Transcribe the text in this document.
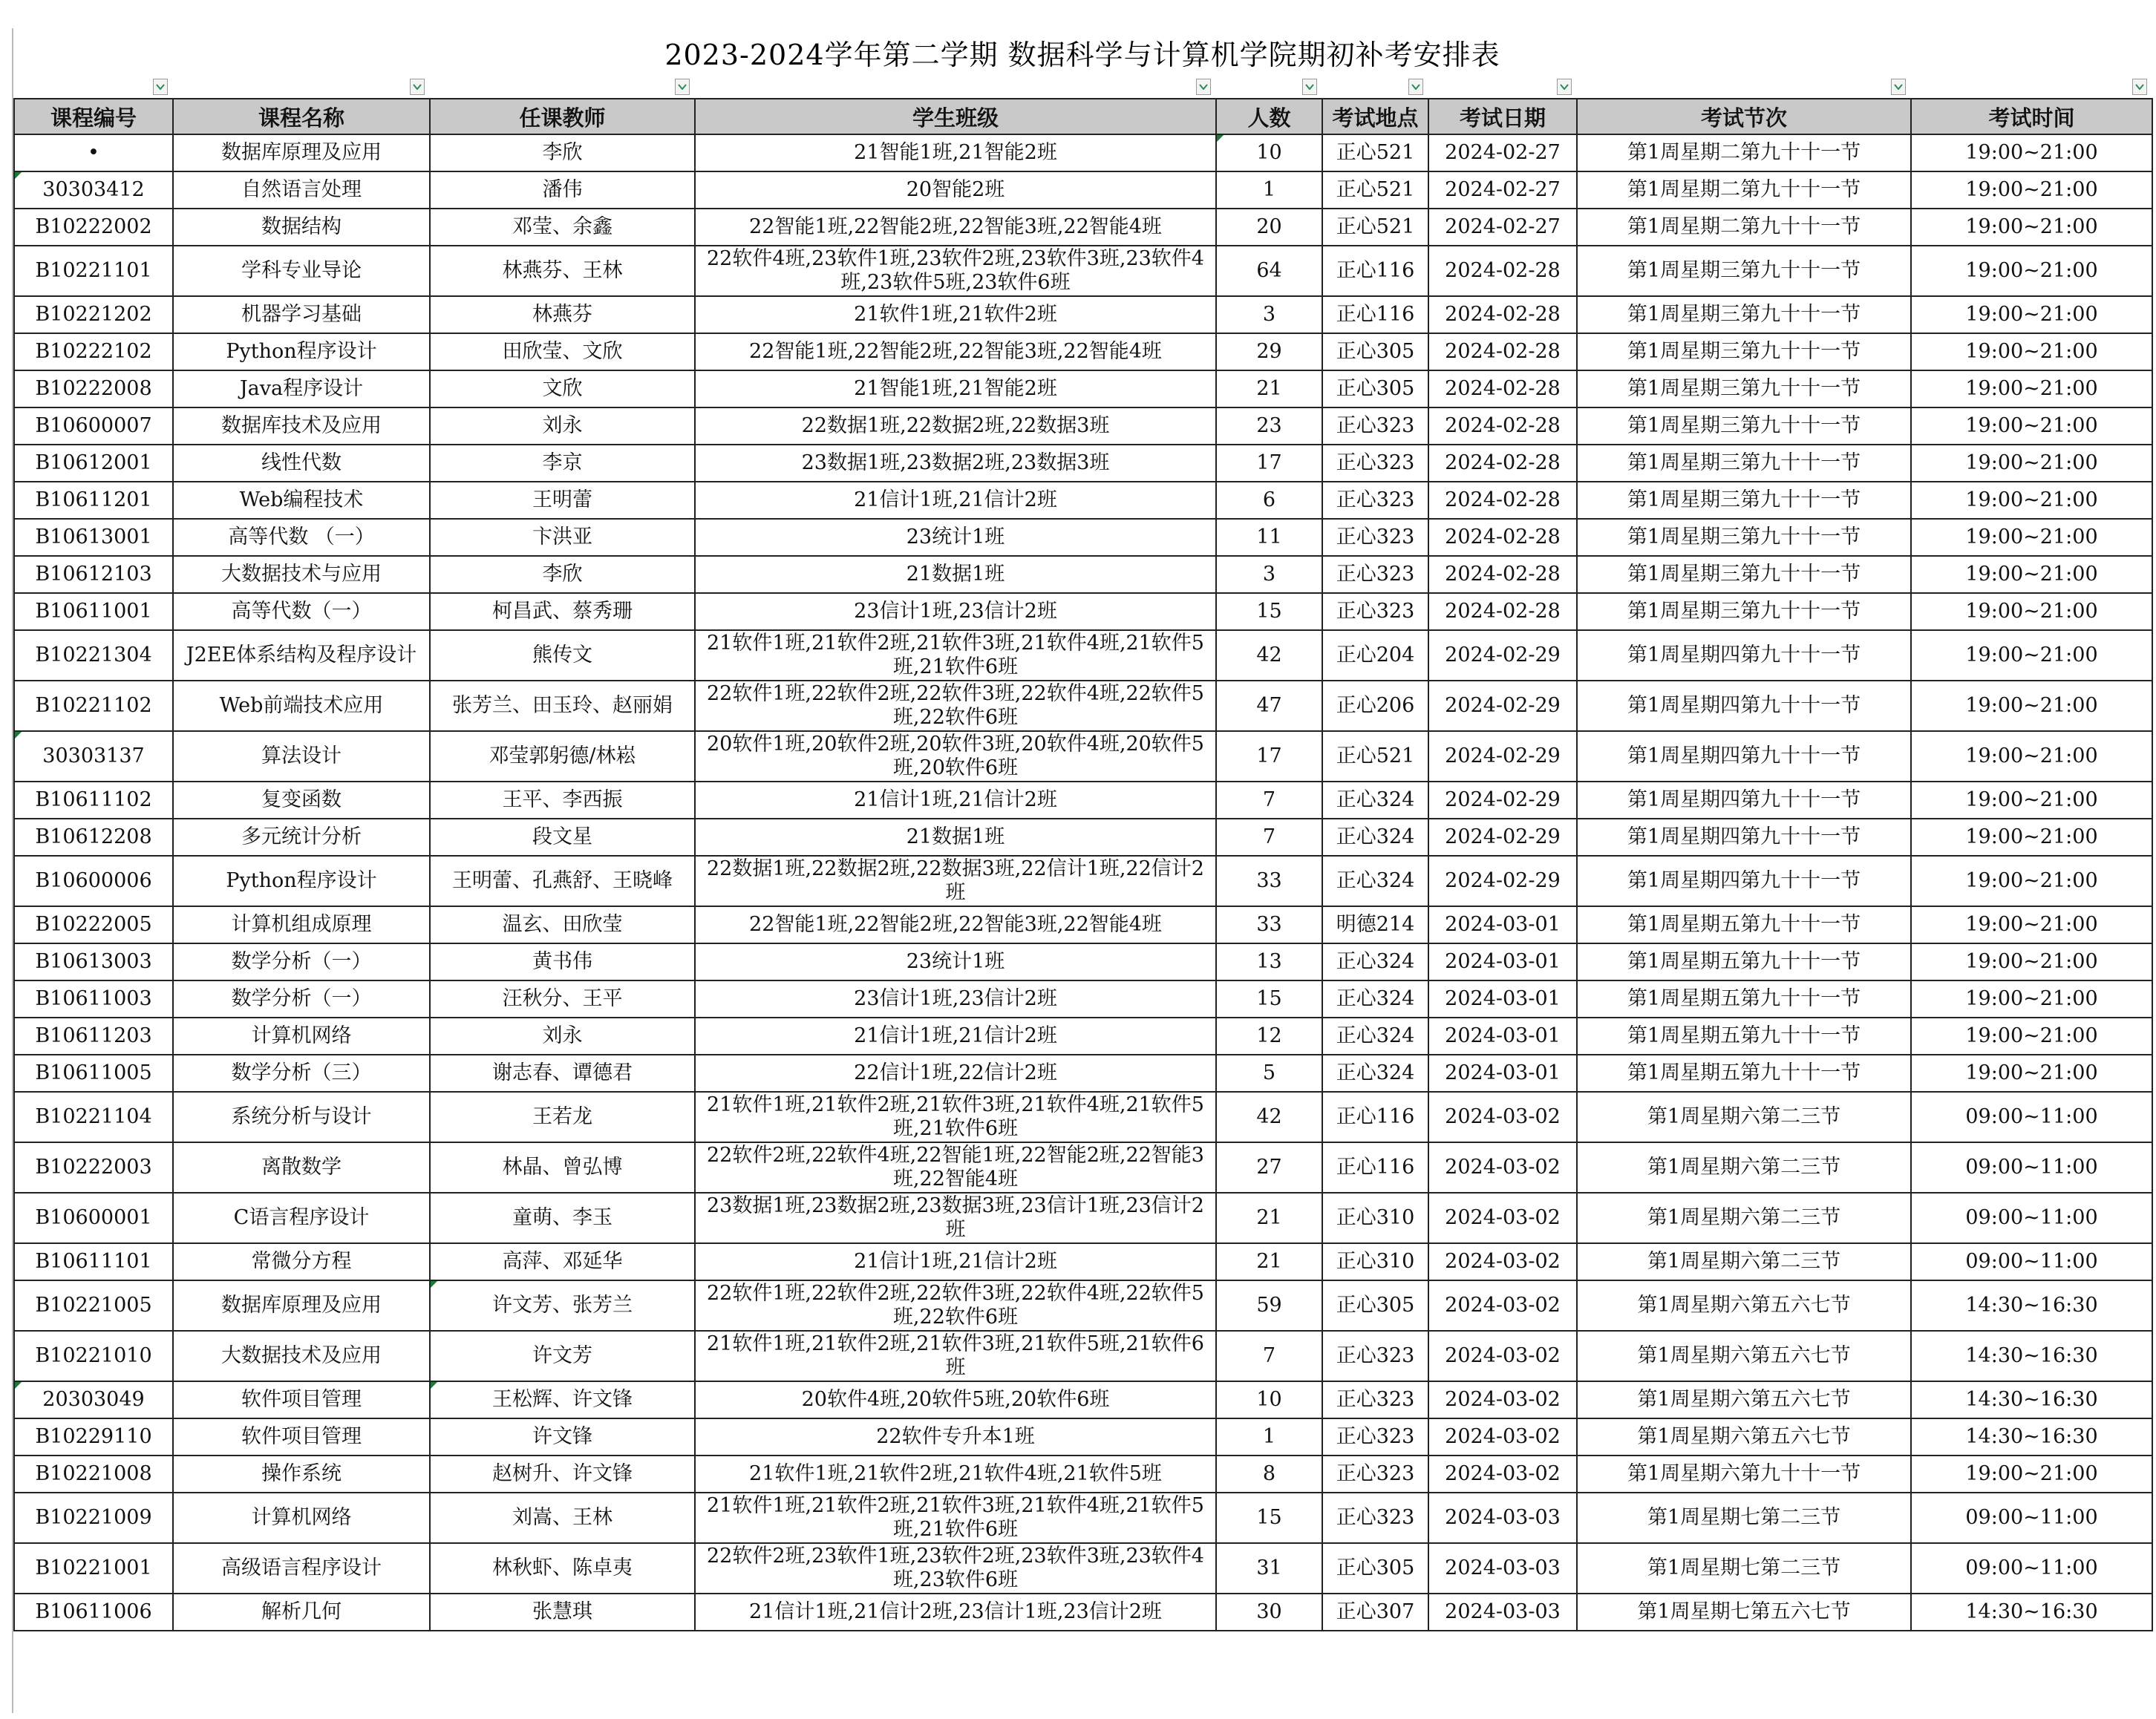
2023-2024学年第二学期 数据科学与计算机学院期初补考安排表
课程编号	课程名称	任课教师	学生班级	人数	考试地点	考试日期	考试节次	考试时间
•	数据库原理及应用	李欣	21智能1班,21智能2班	10	正心521	2024-02-27	第1周星期二第九十十一节	19:00~21:00
30303412	自然语言处理	潘伟	20智能2班	1	正心521	2024-02-27	第1周星期二第九十十一节	19:00~21:00
B10222002	数据结构	邓莹、余鑫	22智能1班,22智能2班,22智能3班,22智能4班	20	正心521	2024-02-27	第1周星期二第九十十一节	19:00~21:00
B10221101	学科专业导论	林燕芬、王林	22软件4班,23软件1班,23软件2班,23软件3班,23软件4班,23软件5班,23软件6班	64	正心116	2024-02-28	第1周星期三第九十十一节	19:00~21:00
B10221202	机器学习基础	林燕芬	21软件1班,21软件2班	3	正心116	2024-02-28	第1周星期三第九十十一节	19:00~21:00
B10222102	Python程序设计	田欣莹、文欣	22智能1班,22智能2班,22智能3班,22智能4班	29	正心305	2024-02-28	第1周星期三第九十十一节	19:00~21:00
B10222008	Java程序设计	文欣	21智能1班,21智能2班	21	正心305	2024-02-28	第1周星期三第九十十一节	19:00~21:00
B10600007	数据库技术及应用	刘永	22数据1班,22数据2班,22数据3班	23	正心323	2024-02-28	第1周星期三第九十十一节	19:00~21:00
B10612001	线性代数	李京	23数据1班,23数据2班,23数据3班	17	正心323	2024-02-28	第1周星期三第九十十一节	19:00~21:00
B10611201	Web编程技术	王明蕾	21信计1班,21信计2班	6	正心323	2024-02-28	第1周星期三第九十十一节	19:00~21:00
B10613001	高等代数 （一）	卞洪亚	23统计1班	11	正心323	2024-02-28	第1周星期三第九十十一节	19:00~21:00
B10612103	大数据技术与应用	李欣	21数据1班	3	正心323	2024-02-28	第1周星期三第九十十一节	19:00~21:00
B10611001	高等代数（一）	柯昌武、蔡秀珊	23信计1班,23信计2班	15	正心323	2024-02-28	第1周星期三第九十十一节	19:00~21:00
B10221304	J2EE体系结构及程序设计	熊传文	21软件1班,21软件2班,21软件3班,21软件4班,21软件5班,21软件6班	42	正心204	2024-02-29	第1周星期四第九十十一节	19:00~21:00
B10221102	Web前端技术应用	张芳兰、田玉玲、赵丽娟	22软件1班,22软件2班,22软件3班,22软件4班,22软件5班,22软件6班	47	正心206	2024-02-29	第1周星期四第九十十一节	19:00~21:00
30303137	算法设计	邓莹郭躬德/林崧	20软件1班,20软件2班,20软件3班,20软件4班,20软件5班,20软件6班	17	正心521	2024-02-29	第1周星期四第九十十一节	19:00~21:00
B10611102	复变函数	王平、李西振	21信计1班,21信计2班	7	正心324	2024-02-29	第1周星期四第九十十一节	19:00~21:00
B10612208	多元统计分析	段文星	21数据1班	7	正心324	2024-02-29	第1周星期四第九十十一节	19:00~21:00
B10600006	Python程序设计	王明蕾、孔燕舒、王晓峰	22数据1班,22数据2班,22数据3班,22信计1班,22信计2班	33	正心324	2024-02-29	第1周星期四第九十十一节	19:00~21:00
B10222005	计算机组成原理	温玄、田欣莹	22智能1班,22智能2班,22智能3班,22智能4班	33	明德214	2024-03-01	第1周星期五第九十十一节	19:00~21:00
B10613003	数学分析（一）	黄书伟	23统计1班	13	正心324	2024-03-01	第1周星期五第九十十一节	19:00~21:00
B10611003	数学分析（一）	汪秋分、王平	23信计1班,23信计2班	15	正心324	2024-03-01	第1周星期五第九十十一节	19:00~21:00
B10611203	计算机网络	刘永	21信计1班,21信计2班	12	正心324	2024-03-01	第1周星期五第九十十一节	19:00~21:00
B10611005	数学分析（三）	谢志春、谭德君	22信计1班,22信计2班	5	正心324	2024-03-01	第1周星期五第九十十一节	19:00~21:00
B10221104	系统分析与设计	王若龙	21软件1班,21软件2班,21软件3班,21软件4班,21软件5班,21软件6班	42	正心116	2024-03-02	第1周星期六第二三节	09:00~11:00
B10222003	离散数学	林晶、曾弘博	22软件2班,22软件4班,22智能1班,22智能2班,22智能3班,22智能4班	27	正心116	2024-03-02	第1周星期六第二三节	09:00~11:00
B10600001	C语言程序设计	童萌、李玉	23数据1班,23数据2班,23数据3班,23信计1班,23信计2班	21	正心310	2024-03-02	第1周星期六第二三节	09:00~11:00
B10611101	常微分方程	高萍、邓延华	21信计1班,21信计2班	21	正心310	2024-03-02	第1周星期六第二三节	09:00~11:00
B10221005	数据库原理及应用	许文芳、张芳兰	22软件1班,22软件2班,22软件3班,22软件4班,22软件5班,22软件6班	59	正心305	2024-03-02	第1周星期六第五六七节	14:30~16:30
B10221010	大数据技术及应用	许文芳	21软件1班,21软件2班,21软件3班,21软件5班,21软件6班	7	正心323	2024-03-02	第1周星期六第五六七节	14:30~16:30
20303049	软件项目管理	王松辉、许文锋	20软件4班,20软件5班,20软件6班	10	正心323	2024-03-02	第1周星期六第五六七节	14:30~16:30
B10229110	软件项目管理	许文锋	22软件专升本1班	1	正心323	2024-03-02	第1周星期六第五六七节	14:30~16:30
B10221008	操作系统	赵树升、许文锋	21软件1班,21软件2班,21软件4班,21软件5班	8	正心323	2024-03-02	第1周星期六第九十十一节	19:00~21:00
B10221009	计算机网络	刘嵩、王林	21软件1班,21软件2班,21软件3班,21软件4班,21软件5班,21软件6班	15	正心323	2024-03-03	第1周星期七第二三节	09:00~11:00
B10221001	高级语言程序设计	林秋虾、陈卓夷	22软件2班,23软件1班,23软件2班,23软件3班,23软件4班,23软件6班	31	正心305	2024-03-03	第1周星期七第二三节	09:00~11:00
B10611006	解析几何	张慧琪	21信计1班,21信计2班,23信计1班,23信计2班	30	正心307	2024-03-03	第1周星期七第五六七节	14:30~16:30
